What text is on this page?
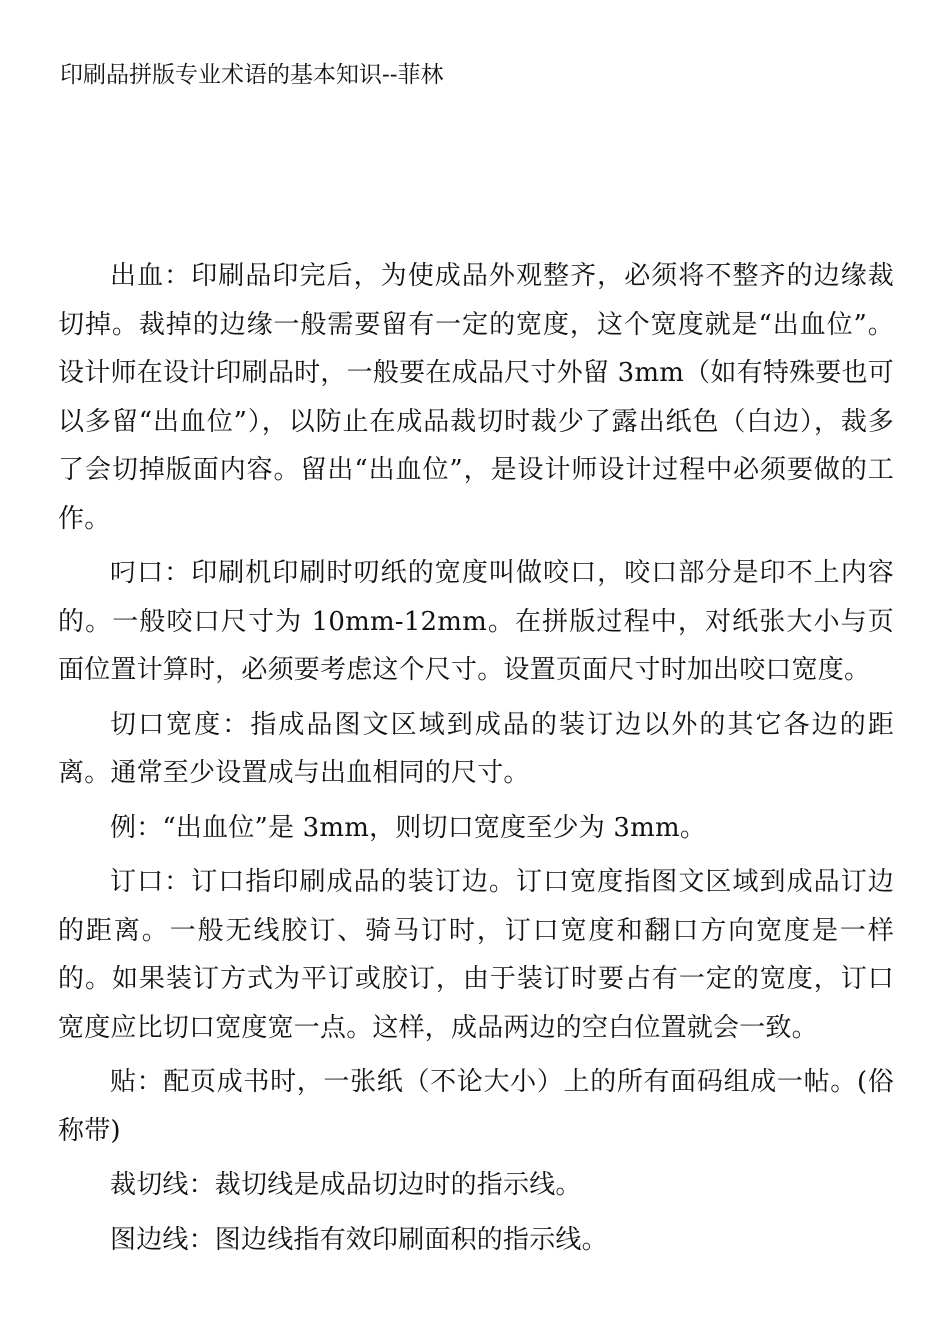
印刷品拼版专业术语的基本知识--菲林

出血：印刷品印完后，为使成品外观整齐，必须将不整齐的边缘裁切掉。裁掉的边缘一般需要留有一定的宽度，这个宽度就是“出血位”。设计师在设计印刷品时，一般要在成品尺寸外留 3mm（如有特殊要也可以多留“出血位”），以防止在成品裁切时裁少了露出纸色（白边），裁多了会切掉版面内容。留出“出血位”，是设计师设计过程中必须要做的工作。

叼口：印刷机印刷时叨纸的宽度叫做咬口，咬口部分是印不上内容的。一般咬口尺寸为 10mm-12mm。在拼版过程中，对纸张大小与页面位置计算时，必须要考虑这个尺寸。设置页面尺寸时加出咬口宽度。

切口宽度：指成品图文区域到成品的装订边以外的其它各边的距离。通常至少设置成与出血相同的尺寸。

例：“出血位”是 3mm，则切口宽度至少为 3mm。

订口：订口指印刷成品的装订边。订口宽度指图文区域到成品订边的距离。一般无线胶订、骑马订时，订口宽度和翻口方向宽度是一样的。如果装订方式为平订或胶订，由于装订时要占有一定的宽度，订口宽度应比切口宽度宽一点。这样，成品两边的空白位置就会一致。

贴：配页成书时，一张纸（不论大小）上的所有面码组成一帖。(俗称带)

裁切线：裁切线是成品切边时的指示线。

图边线：图边线指有效印刷面积的指示线。
